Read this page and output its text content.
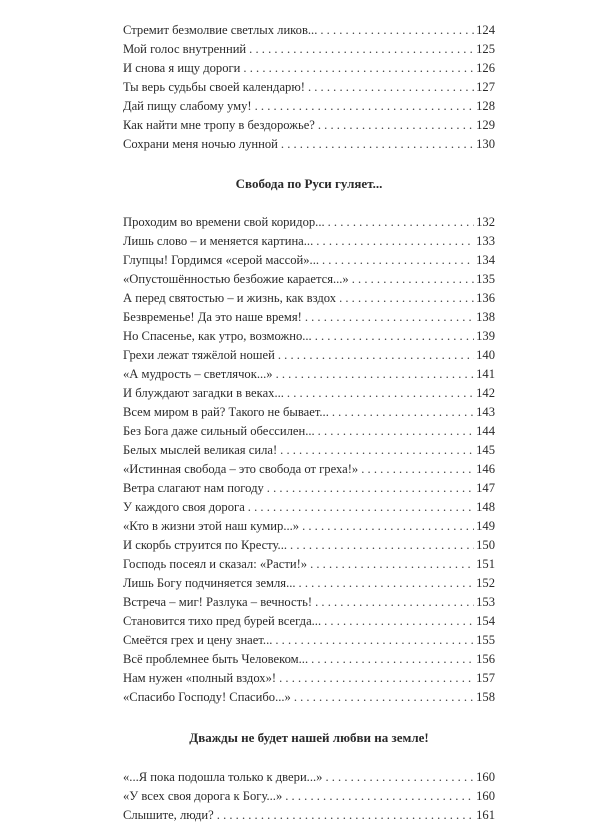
Стремит безмолвие светлых ликов... . . .	124
Мой голос внутренний . . .	125
И снова я ищу дороги . . .	126
Ты верь судьбы своей календарю! . . .	127
Дай пищу слабому уму! . . .	128
Как найти мне тропу в бездорожье? . . .	129
Сохрани меня ночью лунной . . .	130
Свобода по Руси гуляет...
Проходим во времени свой коридор... . . .	132
Лишь слово – и меняется картина... . . .	133
Глупцы! Гордимся «серой массой»... . . .	134
«Опустошённостью безбожие карается...» . . .	135
А перед святостью – и жизнь, как вздох . . .	136
Безвременье! Да это наше время! . . .	138
Но Спасенье, как утро, возможно... . . .	139
Грехи лежат тяжёлой ношей . . .	140
«А мудрость – светлячок...» . . .	141
И блуждают загадки в веках... . . .	142
Всем миром в рай? Такого не бывает... . . .	143
Без Бога даже сильный обессилен... . . .	144
Белых мыслей великая сила! . . .	145
«Истинная свобода – это свобода от греха!» . . .	146
Ветра слагают нам погоду . . .	147
У каждого своя дорога . . .	148
«Кто в жизни этой наш кумир...» . . .	149
И скорбь струится по Кресту... . . .	150
Господь посеял и сказал: «Расти!» . . .	151
Лишь Богу подчиняется земля... . . .	152
Встреча – миг! Разлука – вечность! . . .	153
Становится тихо пред бурей всегда... . . .	154
Смеётся грех и цену знает... . . .	155
Всё проблемнее быть Человеком... . . .	156
Нам нужен «полный вздох»! . . .	157
«Спасибо Господу! Спасибо...» . . .	158
Дважды не будет нашей любви на земле!
«...Я пока подошла только к двери...» . . .	160
«У всех своя дорога к Богу...» . . .	160
Слышите, люди? . . .	161
